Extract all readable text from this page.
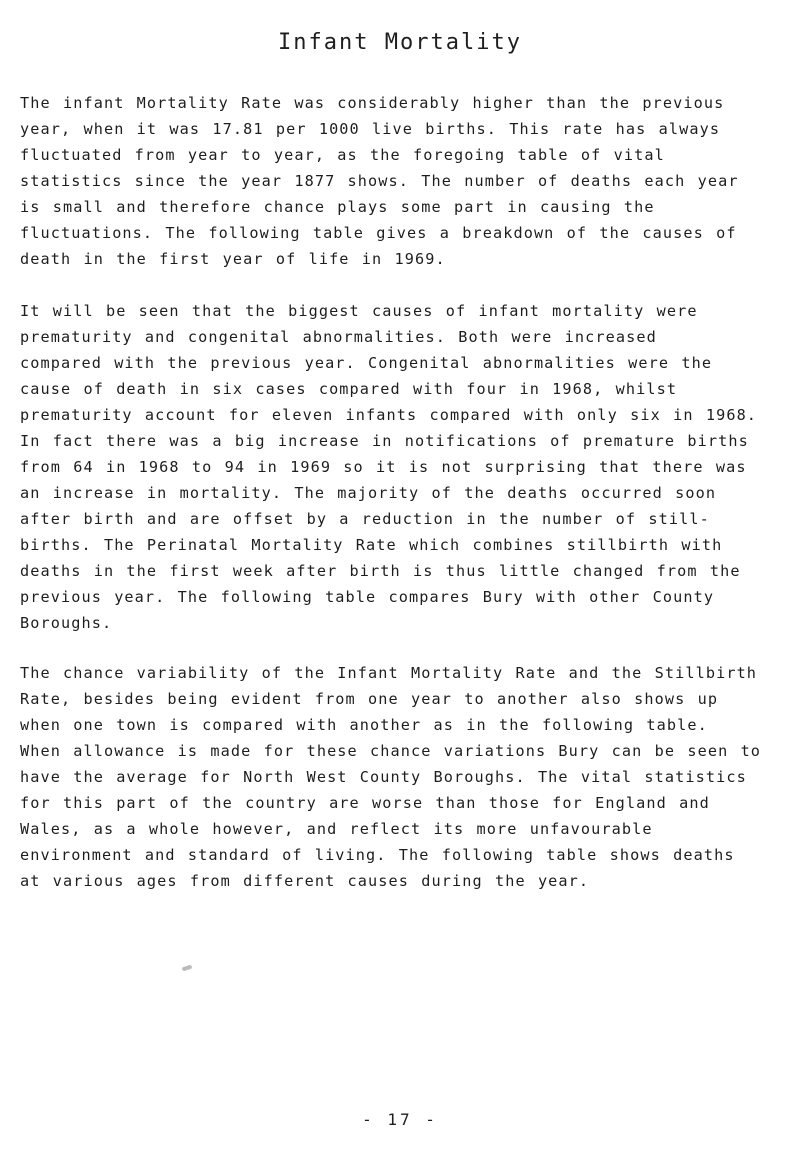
Infant Mortality

The infant Mortality Rate was considerably higher than the previous
year, when it was 17.81 per 1000 live births. This rate has always
fluctuated from year to year, as the foregoing table of vital
statistics since the year 1877 shows. The number of deaths each year
is small and therefore chance plays some part in causing the
fluctuations. The following table gives a breakdown of the causes of
death in the first year of life in 1969.

It will be seen that the biggest causes of infant mortality were
prematurity and congenital abnormalities. Both were increased
compared with the previous year. Congenital abnormalities were the
cause of death in six cases compared with four in 1968, whilst
prematurity account for eleven infants compared with only six in 1968.
In fact there was a big increase in notifications of premature births
from 64 in 1968 to 94 in 1969 so it is not surprising that there was
an increase in mortality. The majority of the deaths occurred soon
after birth and are offset by a reduction in the number of still-
births. The Perinatal Mortality Rate which combines stillbirth with
deaths in the first week after birth is thus little changed from the
previous year. The following table compares Bury with other County
Boroughs.

The chance variability of the Infant Mortality Rate and the Stillbirth
Rate, besides being evident from one year to another also shows up
when one town is compared with another as in the following table.
When allowance is made for these chance variations Bury can be seen to
have the average for North West County Boroughs. The vital statistics
for this part of the country are worse than those for England and
Wales, as a whole however, and reflect its more unfavourable
environment and standard of living. The following table shows deaths
at various ages from different causes during the year.

- 17 -
